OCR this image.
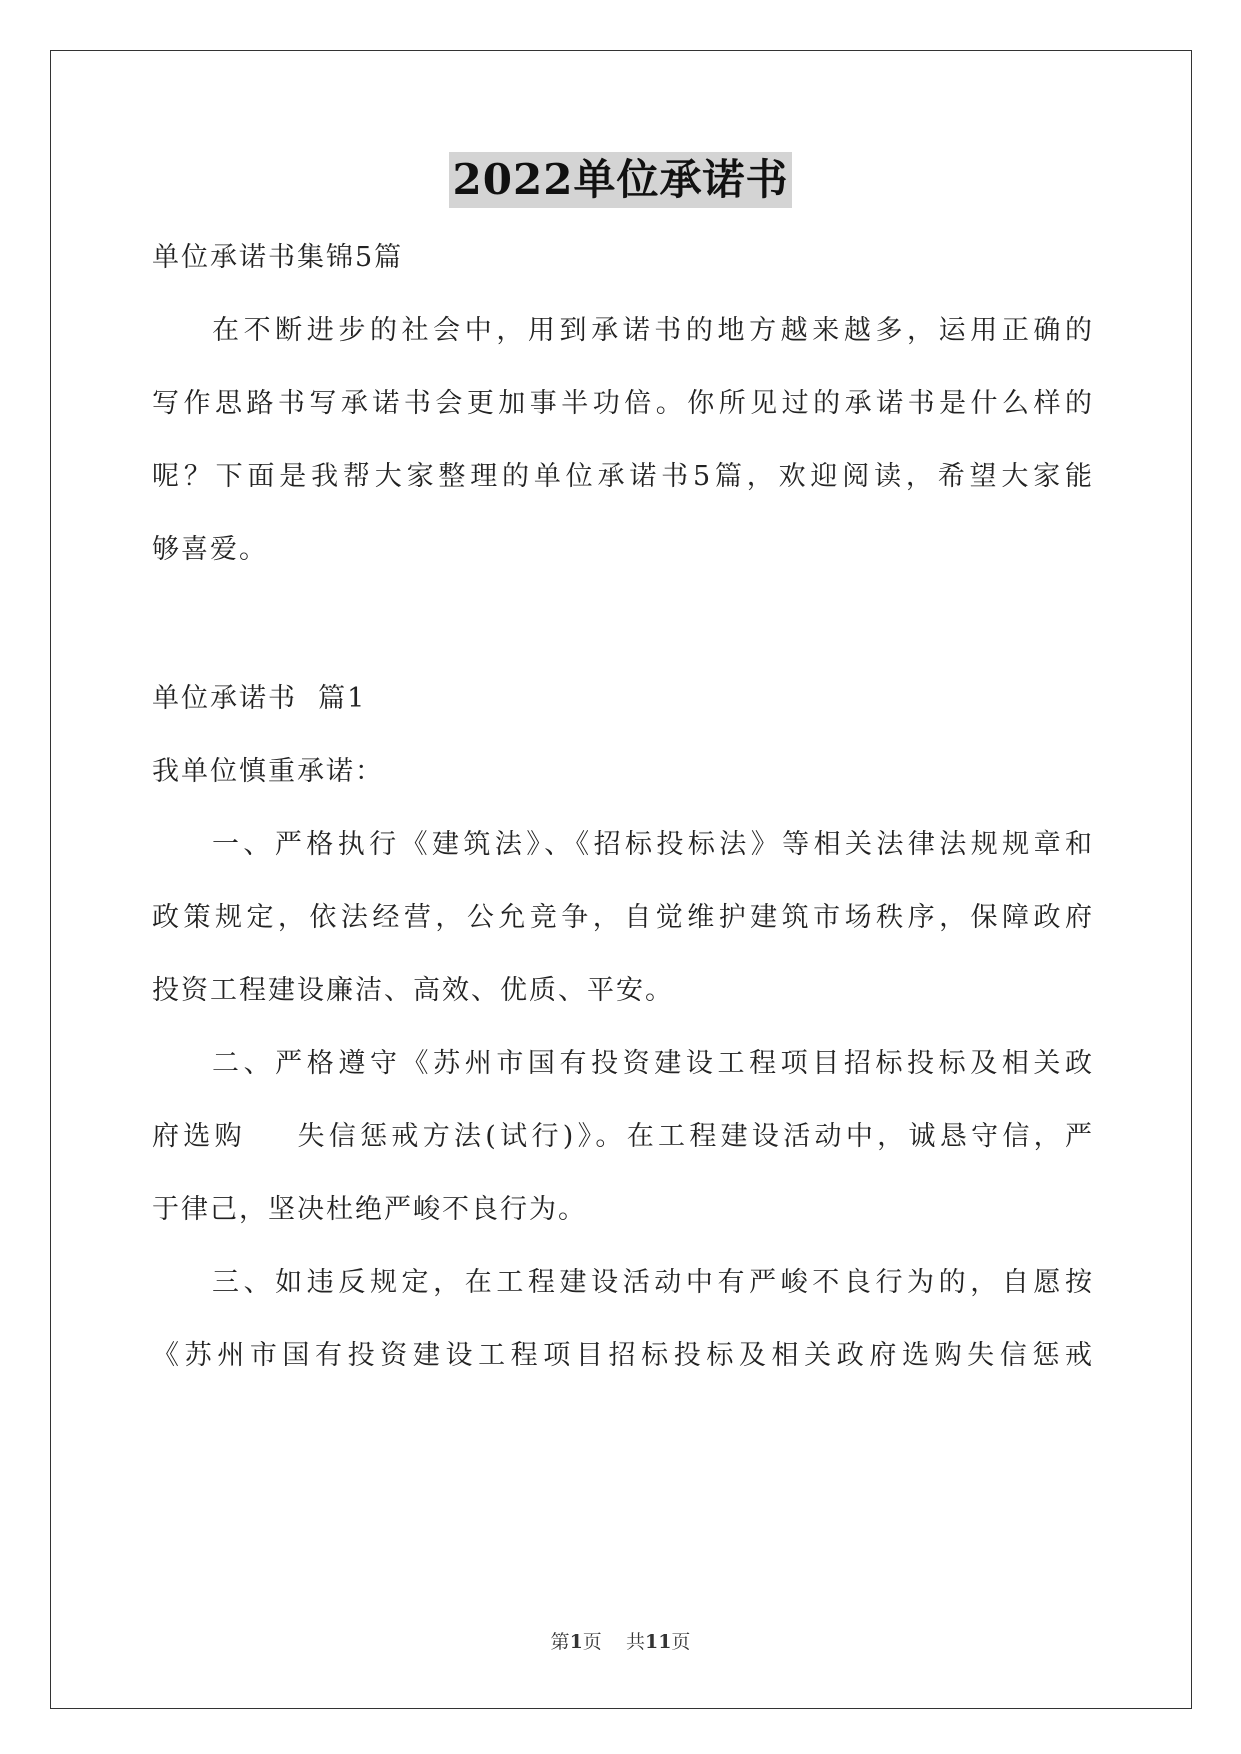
2022单位承诺书
单位承诺书集锦5篇
在不断进步的社会中，用到承诺书的地方越来越多，运用正确的
写作思路书写承诺书会更加事半功倍。你所见过的承诺书是什么样的
呢？下面是我帮大家整理的单位承诺书5篇，欢迎阅读，希望大家能
够喜爱。
单位承诺书  篇1
我单位慎重承诺：
一、严格执行《建筑法》、《招标投标法》等相关法律法规规章和
政策规定，依法经营，公允竞争，自觉维护建筑市场秩序，保障政府
投资工程建设廉洁、高效、优质、平安。
二、严格遵守《苏州市国有投资建设工程项目招标投标及相关政
府选购    失信惩戒方法(试行)》。在工程建设活动中，诚恳守信，严
于律己，坚决杜绝严峻不良行为。
三、如违反规定，在工程建设活动中有严峻不良行为的，自愿按
《苏州市国有投资建设工程项目招标投标及相关政府选购失信惩戒
第1页    共11页
